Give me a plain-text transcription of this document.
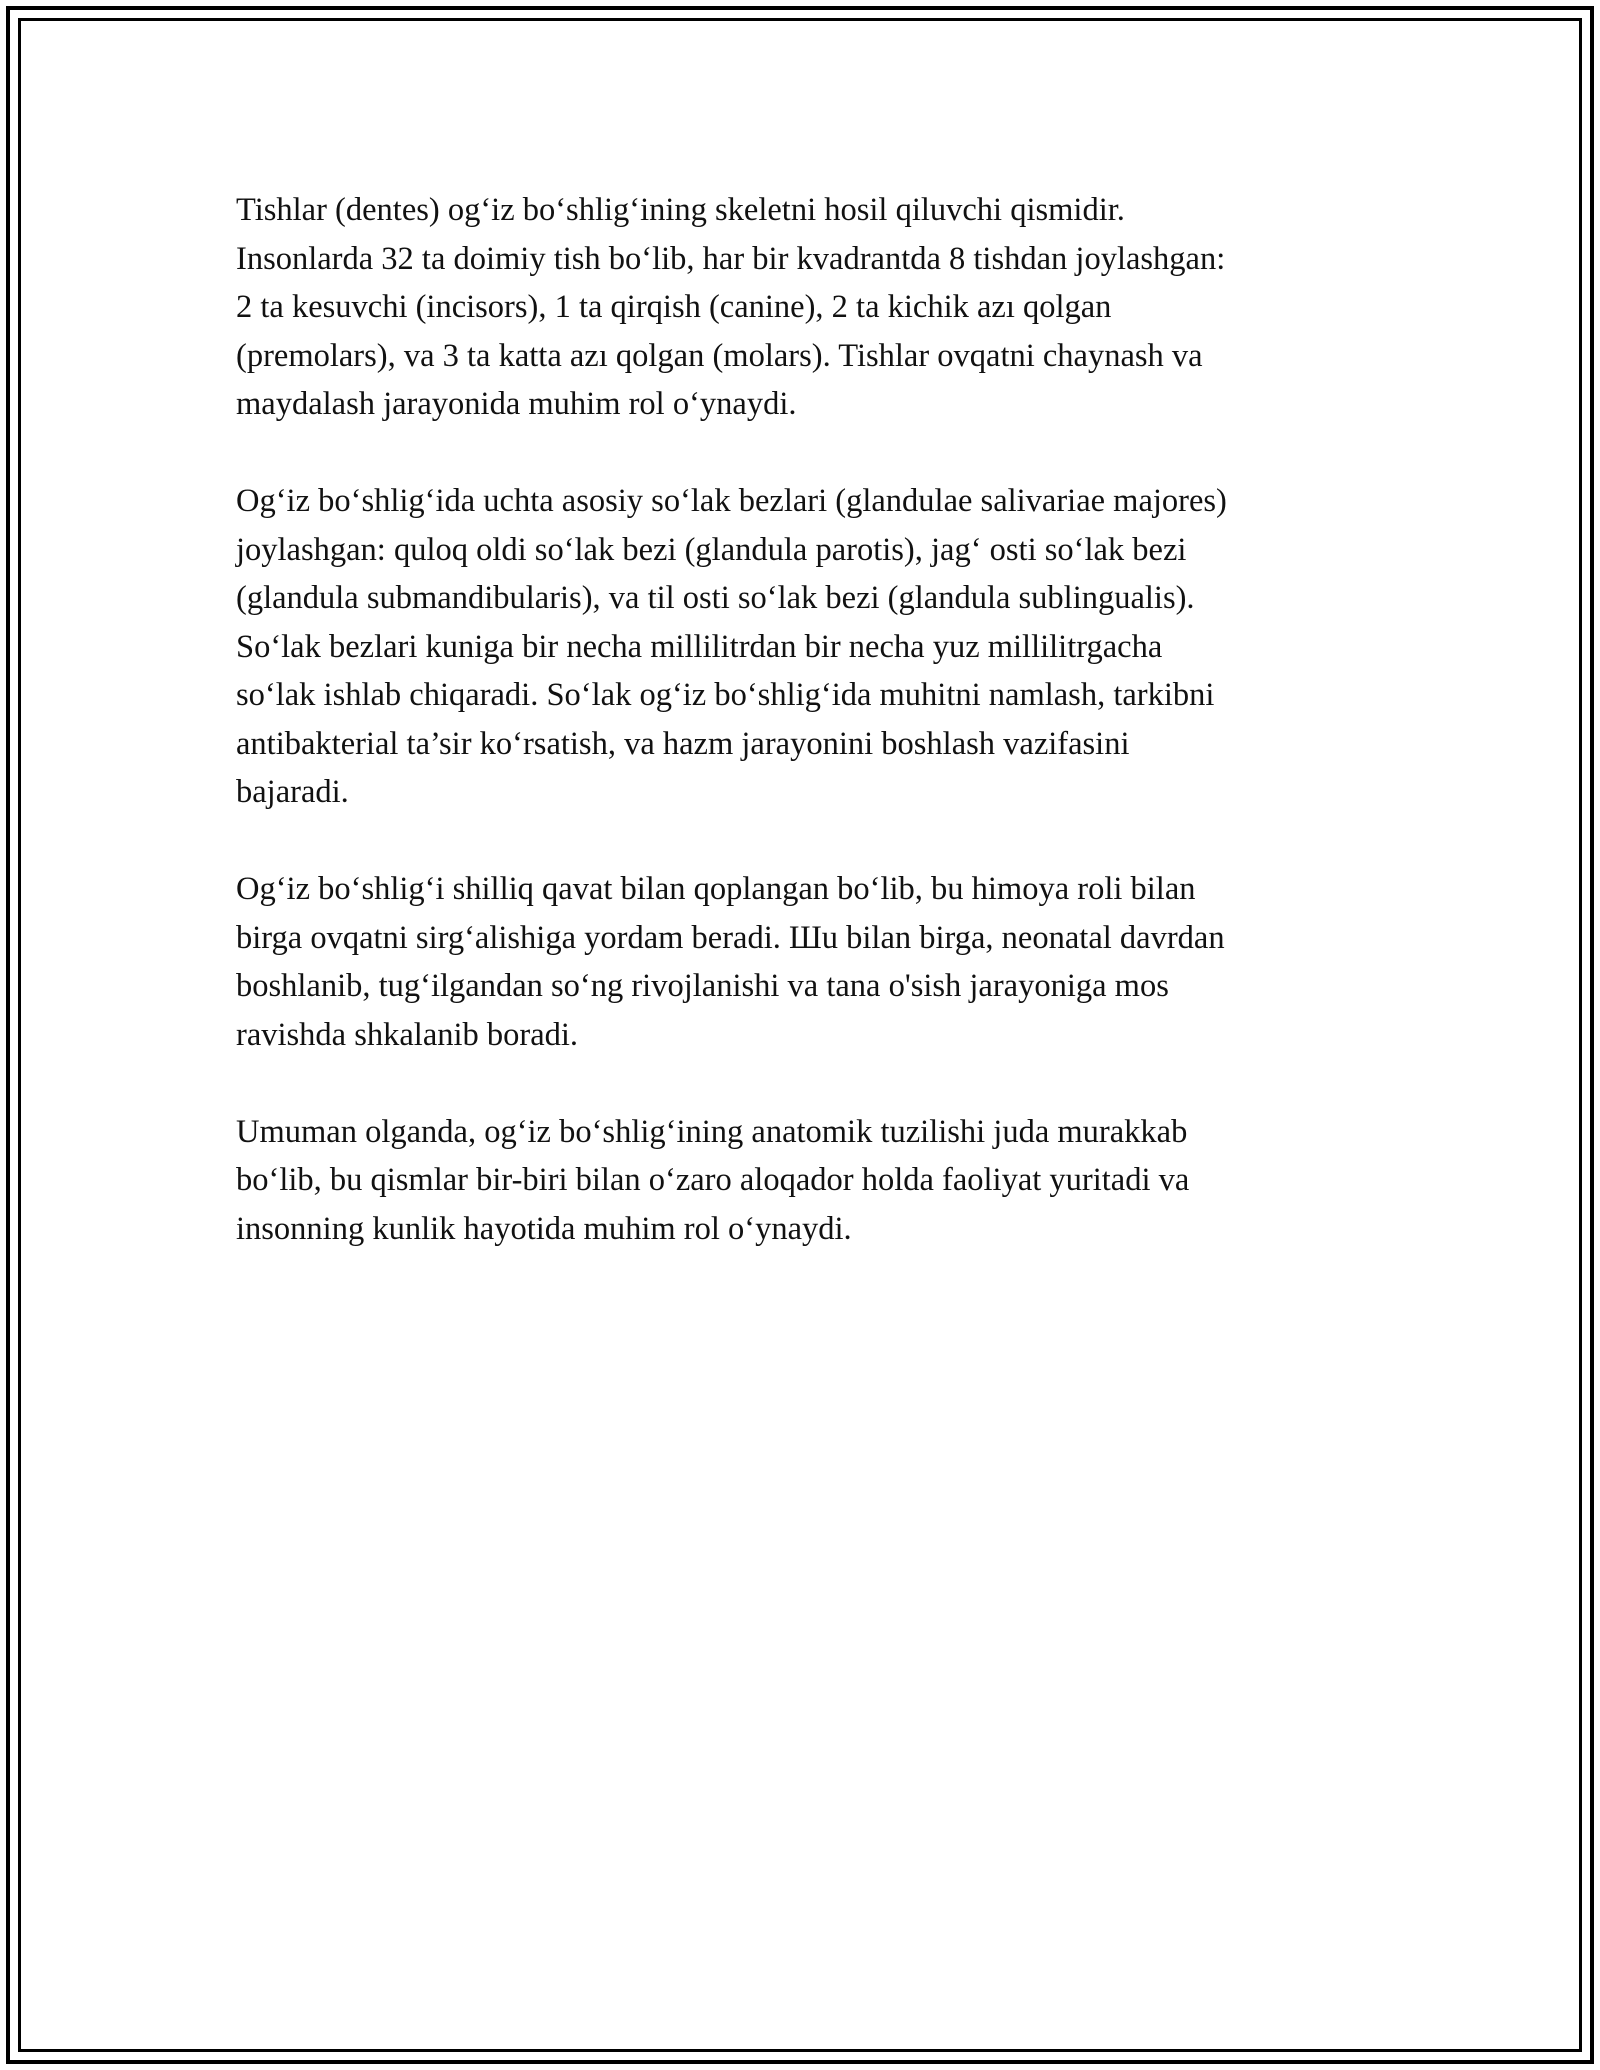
Tishlar (dentes) og‘iz bo‘shlig‘ining skeletni hosil qiluvchi qismidir.
Insonlarda 32 ta doimiy tish bo‘lib, har bir kvadrantda 8 tishdan joylashgan:
2 ta kesuvchi (incisors), 1 ta qirqish (canine), 2 ta kichik azı qolgan
(premolars), va 3 ta katta azı qolgan (molars). Tishlar ovqatni chaynash va
maydalash jarayonida muhim rol o‘ynaydi.

Og‘iz bo‘shlig‘ida uchta asosiy so‘lak bezlari (glandulae salivariae majores)
joylashgan: quloq oldi so‘lak bezi (glandula parotis), jag‘ osti so‘lak bezi
(glandula submandibularis), va til osti so‘lak bezi (glandula sublingualis).
So‘lak bezlari kuniga bir necha millilitrdan bir necha yuz millilitrgacha
so‘lak ishlab chiqaradi. So‘lak og‘iz bo‘shlig‘ida muhitni namlash, tarkibni
antibakterial ta’sir ko‘rsatish, va hazm jarayonini boshlash vazifasini
bajaradi.

Og‘iz bo‘shlig‘i shilliq qavat bilan qoplangan bo‘lib, bu himoya roli bilan
birga ovqatni sirg‘alishiga yordam beradi. Шu bilan birga, neonatal davrdan
boshlanib, tug‘ilgandan so‘ng rivojlanishi va tana o'sish jarayoniga mos
ravishda shkalanib boradi.

Umuman olganda, og‘iz bo‘shlig‘ining anatomik tuzilishi juda murakkab
bo‘lib, bu qismlar bir-biri bilan o‘zaro aloqador holda faoliyat yuritadi va
insonning kunlik hayotida muhim rol o‘ynaydi.
